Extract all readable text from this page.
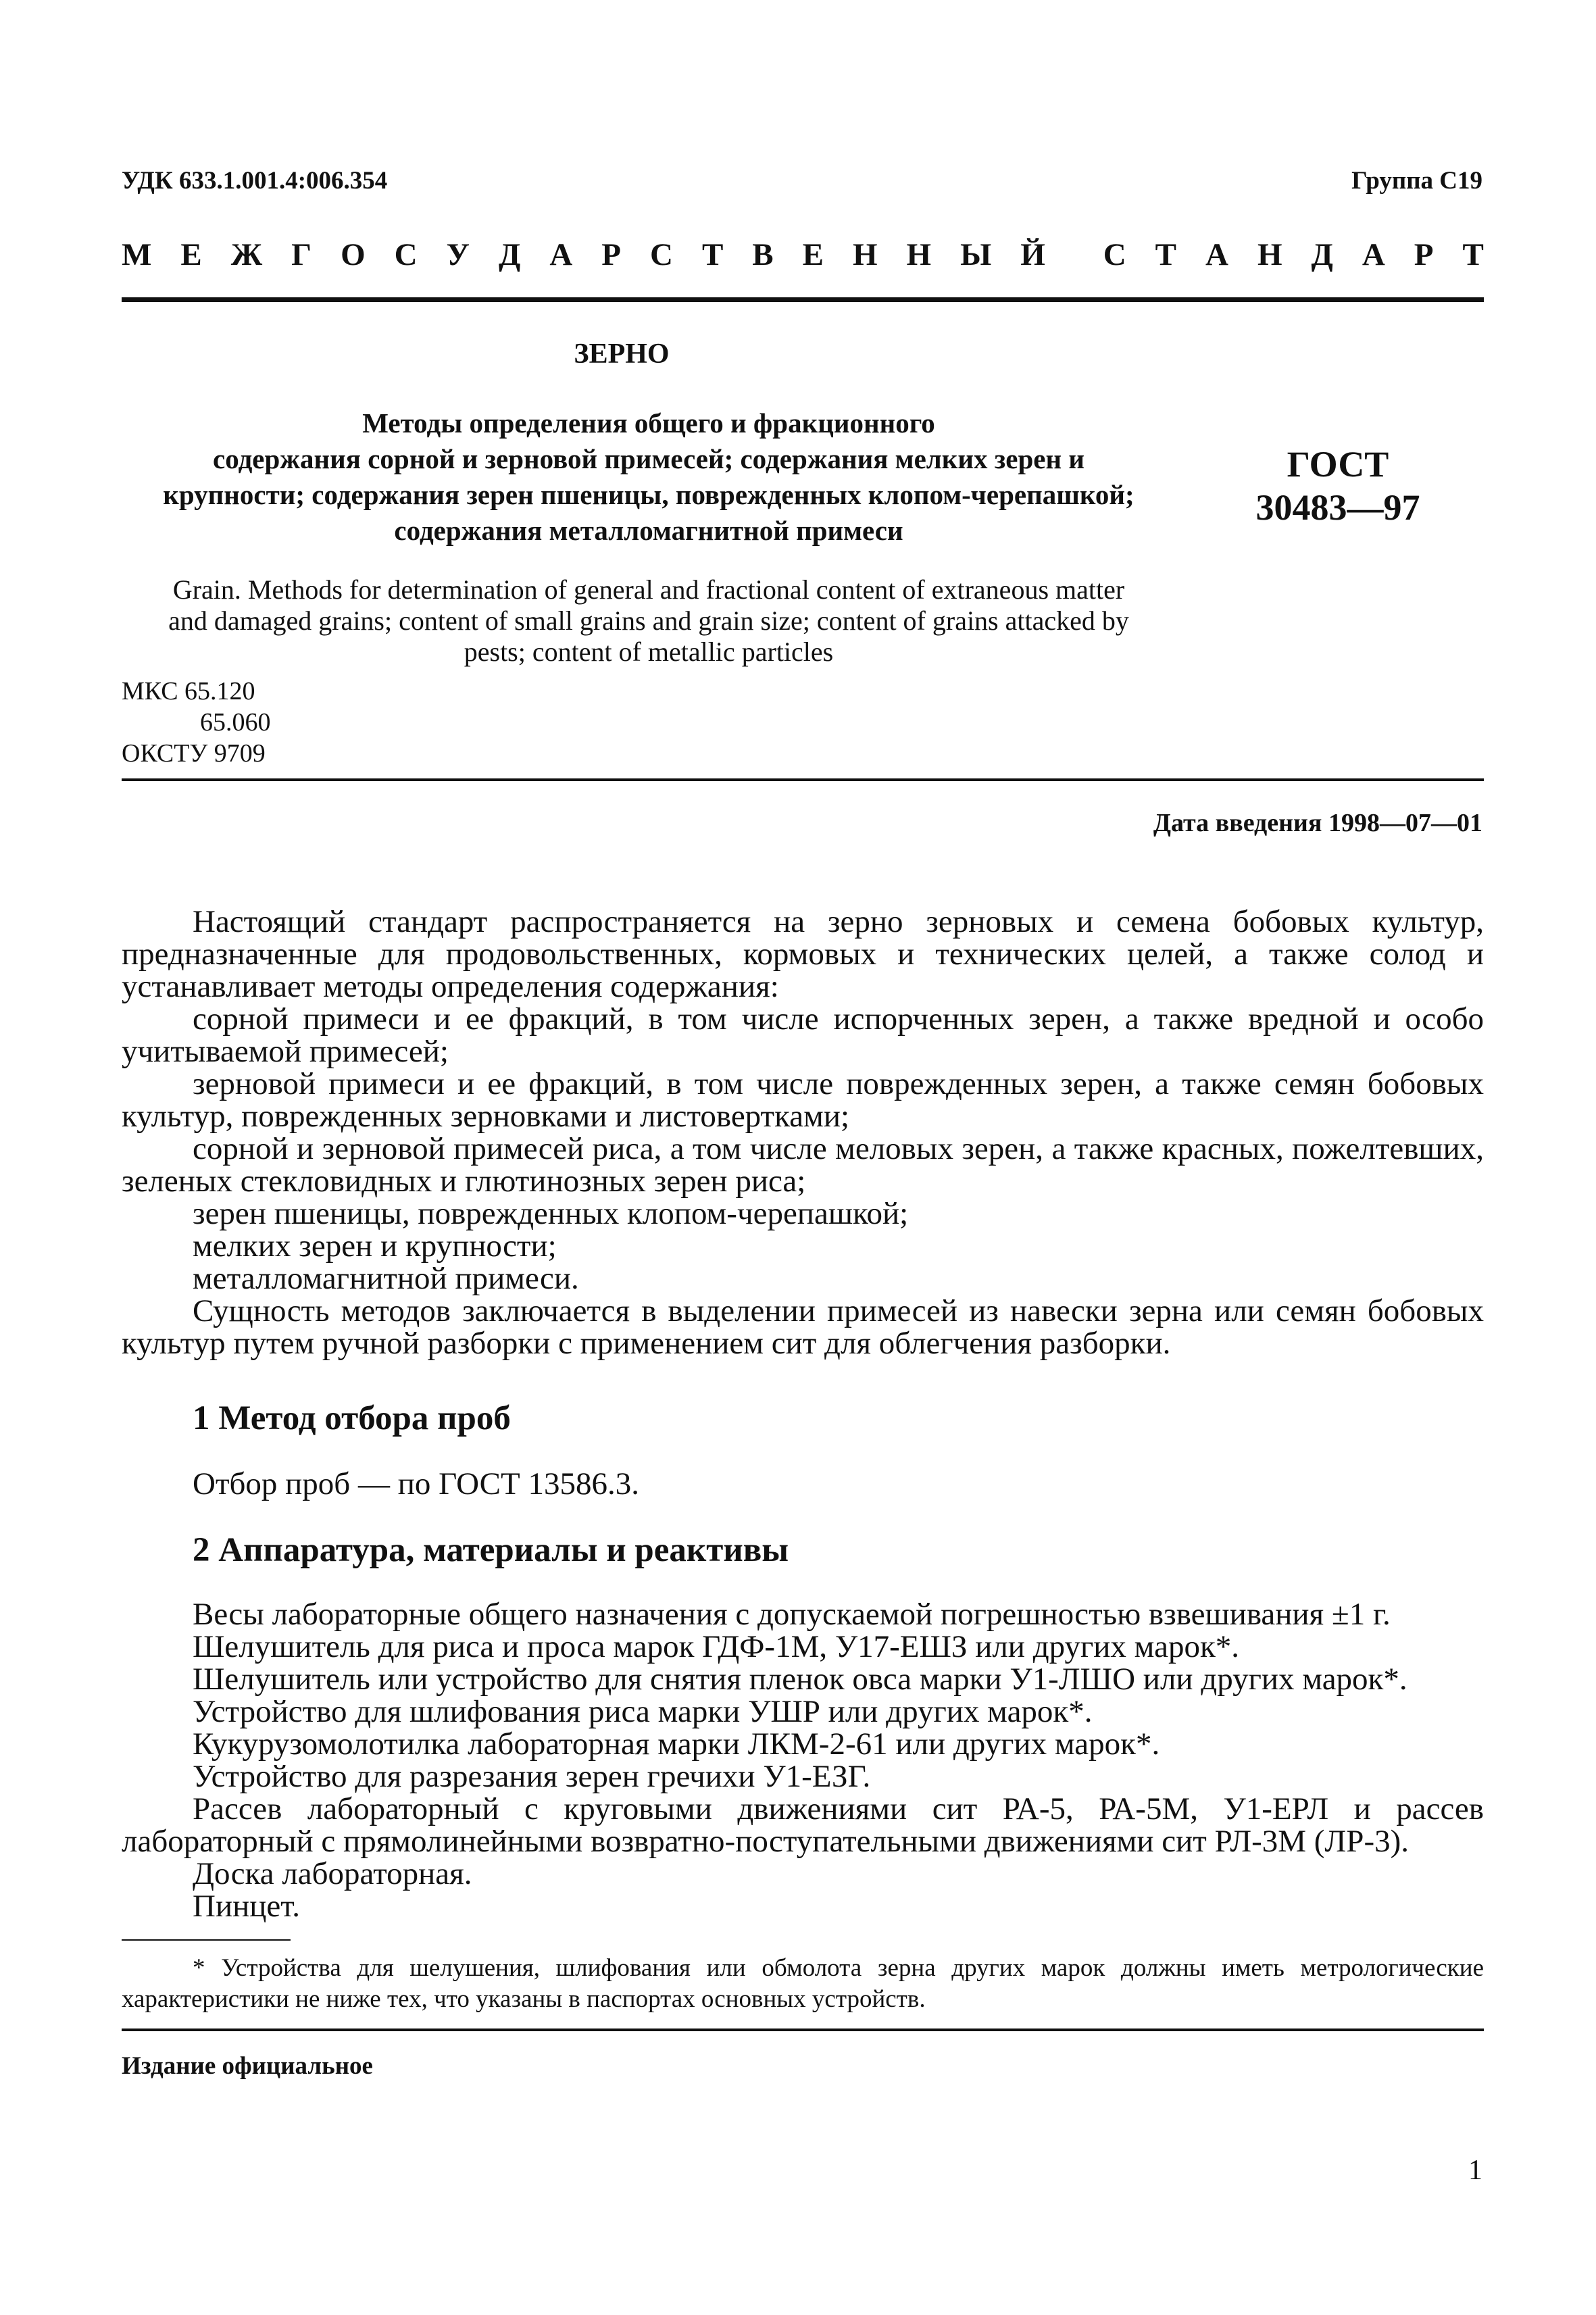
УДК 633.1.001.4:006.354	Группа С19
М Е Ж Г О С У Д А Р С Т В Е Н Н Ы Й С Т А Н Д А Р Т
ЗЕРНО
Методы определения общего и фракционного
содержания сорной и зерновой примесей; содержания мелких зерен и
крупности; содержания зерен пшеницы, поврежденных клопом-черепашкой;
содержания металломагнитной примеси
ГОСТ
30483—97
Grain. Methods for determination of general and fractional content of extraneous matter
and damaged grains; content of small grains and grain size; content of grains attacked by
pests; content of metallic particles
МКС 65.120
65.060
ОКСТУ 9709
Дата введения 1998—07—01

Настоящий стандарт распространяется на зерно зерновых и семена бобовых культур, предназначенные для продовольственных, кормовых и технических целей, а также солод и устанавливает методы определения содержания:

сорной примеси и ее фракций, в том числе испорченных зерен, а также вредной и особо учитываемой примесей;

зерновой примеси и ее фракций, в том числе поврежденных зерен, а также семян бобовых культур, поврежденных зерновками и листовертками;

сорной и зерновой примесей риса, а том числе меловых зерен, а также красных, пожелтевших, зеленых стекловидных и глютинозных зерен риса;

зерен пшеницы, поврежденных клопом-черепашкой;

мелких зерен и крупности;

металломагнитной примеси.

Сущность методов заключается в выделении примесей из навески зерна или семян бобовых культур путем ручной разборки с применением сит для облегчения разборки.

1 Метод отбора проб
Отбор проб — по ГОСТ 13586.3.
2 Аппаратура, материалы и реактивы

Весы лабораторные общего назначения с допускаемой погрешностью взвешивания ±1 г.

Шелушитель для риса и проса марок ГДФ-1М, У17-ЕШЗ или других марок*.

Шелушитель или устройство для снятия пленок овса марки У1-ЛШО или других марок*.

Устройство для шлифования риса марки УШР или других марок*.

Кукурузомолотилка лабораторная марки ЛКМ-2-61 или других марок*.

Устройство для разрезания зерен гречихи У1-ЕЗГ.

Рассев лабораторный с круговыми движениями сит РА-5, РА-5М, У1-ЕРЛ и рассев лабораторный с прямолинейными возвратно-поступательными движениями сит РЛ-3М (ЛР-3).

Доска лабораторная.

Пинцет.

* Устройства для шелушения, шлифования или обмолота зерна других марок должны иметь метрологические характеристики не ниже тех, что указаны в паспортах основных устройств.

Издание официальное
1
